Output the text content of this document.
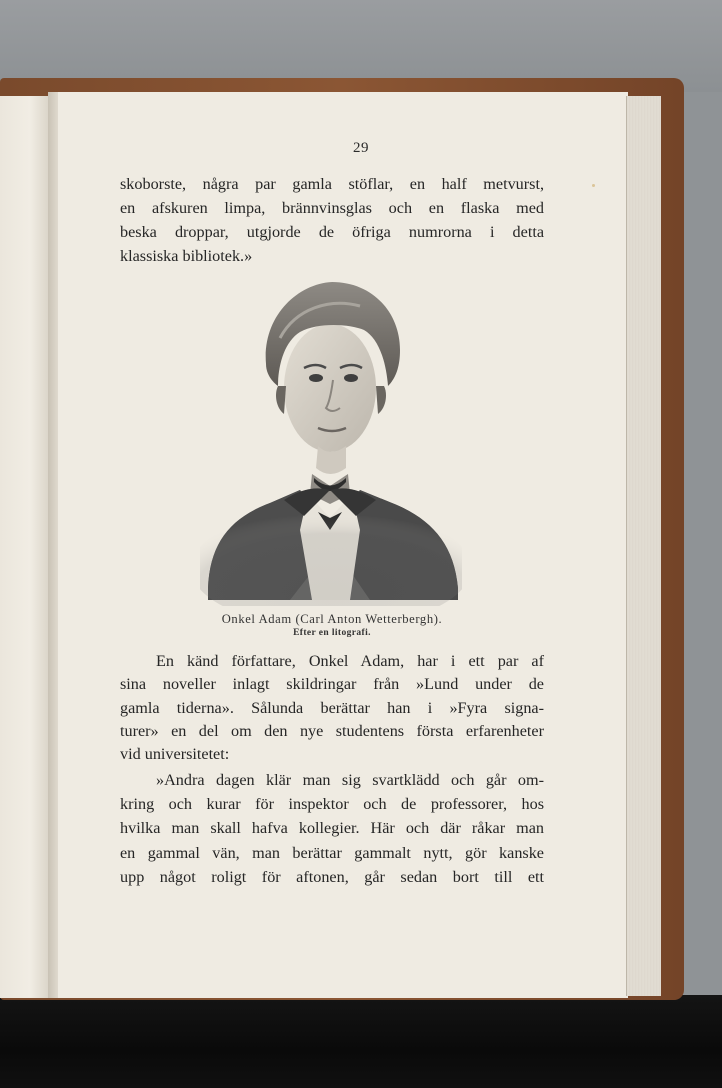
29
skoborste, några par gamla stöflar, en half metvurst,
en afskuren limpa, brännvinsglas och en flaska med
beska droppar, utgjorde de öfriga numrorna i detta
klassiska bibliotek.»
Onkel Adam (Carl Anton Wetterbergh).
Efter en litografi.
En känd författare, Onkel Adam, har i ett par af
sina noveller inlagt skildringar från »Lund under de
gamla tiderna». Sålunda berättar han i »Fyra signa-
turer» en del om den nye studentens första erfarenheter
vid universitetet:
»Andra dagen klär man sig svartklädd och går om-
kring och kurar för inspektor och de professorer, hos
hvilka man skall hafva kollegier. Här och där råkar man
en gammal vän, man berättar gammalt nytt, gör kanske
upp något roligt för aftonen, går sedan bort till ett
